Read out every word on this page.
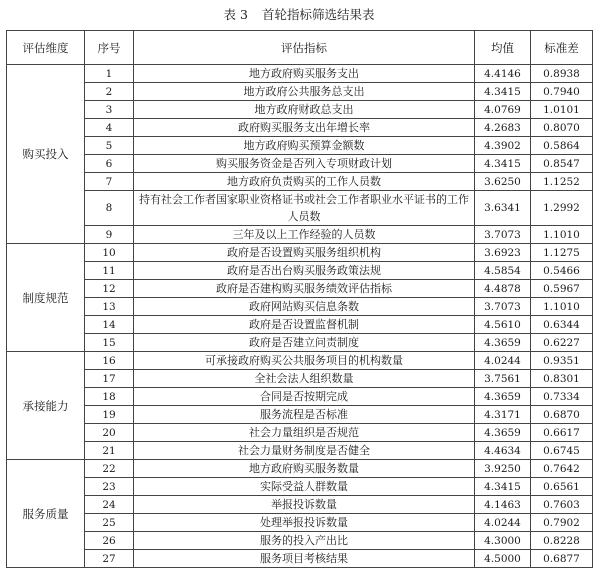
表 3 首轮指标筛选结果表
评估维度	序号	评估指标	均值	标准差
购买投入	1	地方政府购买服务支出	4.4146	0.8938
	2	地方政府公共服务总支出	4.3415	0.7940
	3	地方政府财政总支出	4.0769	1.0101
	4	政府购买服务支出年增长率	4.2683	0.8070
	5	地方政府购买预算金额数	4.3902	0.5864
	6	购买服务资金是否列入专项财政计划	4.3415	0.8547
	7	地方政府负责购买的工作人员数	3.6250	1.1252
	8	持有社会工作者国家职业资格证书或社会工作者职业水平证书的工作人员数	3.6341	1.2992
	9	三年及以上工作经验的人员数	3.7073	1.1010
制度规范	10	政府是否设置购买服务组织机构	3.6923	1.1275
	11	政府是否出台购买服务政策法规	4.5854	0.5466
	12	政府是否建构购买服务绩效评估指标	4.4878	0.5967
	13	政府网站购买信息条数	3.7073	1.1010
	14	政府是否设置监督机制	4.5610	0.6344
	15	政府是否建立问责制度	4.3659	0.6227
承接能力	16	可承接政府购买公共服务项目的机构数量	4.0244	0.9351
	17	全社会法人组织数量	3.7561	0.8301
	18	合同是否按期完成	4.3659	0.7334
	19	服务流程是否标准	4.3171	0.6870
	20	社会力量组织是否规范	4.3659	0.6617
	21	社会力量财务制度是否健全	4.4634	0.6745
服务质量	22	地方政府购买服务数量	3.9250	0.7642
	23	实际受益人群数量	4.3415	0.6561
	24	举报投诉数量	4.1463	0.7603
	25	处理举报投诉数量	4.0244	0.7902
	26	服务的投入产出比	4.3000	0.8228
	27	服务项目考核结果	4.5000	0.6877
